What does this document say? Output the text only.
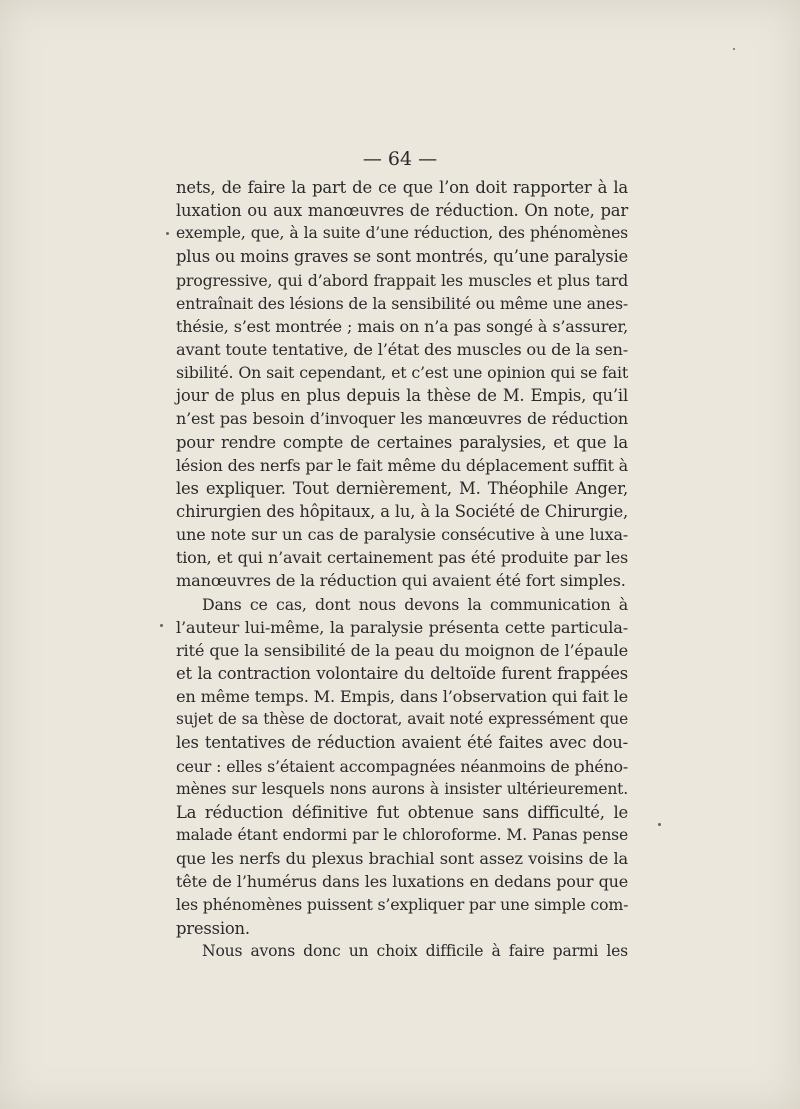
— 64 —
nets, de faire la part de ce que l’on doit rapporter à la
luxation ou aux manœuvres de réduction. On note, par
exemple, que, à la suite d’une réduction, des phénomènes
plus ou moins graves se sont montrés, qu’une paralysie
progressive, qui d’abord frappait les muscles et plus tard
entraînait des lésions de la sensibilité ou même une anes-
thésie, s’est montrée ; mais on n’a pas songé à s’assurer,
avant toute tentative, de l’état des muscles ou de la sen-
sibilité. On sait cependant, et c’est une opinion qui se fait
jour de plus en plus depuis la thèse de M. Empis, qu’il
n’est pas besoin d’invoquer les manœuvres de réduction
pour rendre compte de certaines paralysies, et que la
lésion des nerfs par le fait même du déplacement suffit à
les expliquer. Tout dernièrement, M. Théophile Anger,
chirurgien des hôpitaux, a lu, à la Société de Chirurgie,
une note sur un cas de paralysie consécutive à une luxa-
tion, et qui n’avait certainement pas été produite par les
manœuvres de la réduction qui avaient été fort simples.
Dans ce cas, dont nous devons la communication à
l’auteur lui-même, la paralysie présenta cette particula-
rité que la sensibilité de la peau du moignon de l’épaule
et la contraction volontaire du deltoïde furent frappées
en même temps. M. Empis, dans l’observation qui fait le
sujet de sa thèse de doctorat, avait noté expressément que
les tentatives de réduction avaient été faites avec dou-
ceur : elles s’étaient accompagnées néanmoins de phéno-
mènes sur lesquels nons aurons à insister ultérieurement.
La réduction définitive fut obtenue sans difficulté, le
malade étant endormi par le chloroforme. M. Panas pense
que les nerfs du plexus brachial sont assez voisins de la
tête de l’humérus dans les luxations en dedans pour que
les phénomènes puissent s’expliquer par une simple com-
pression.
Nous avons donc un choix difficile à faire parmi les
